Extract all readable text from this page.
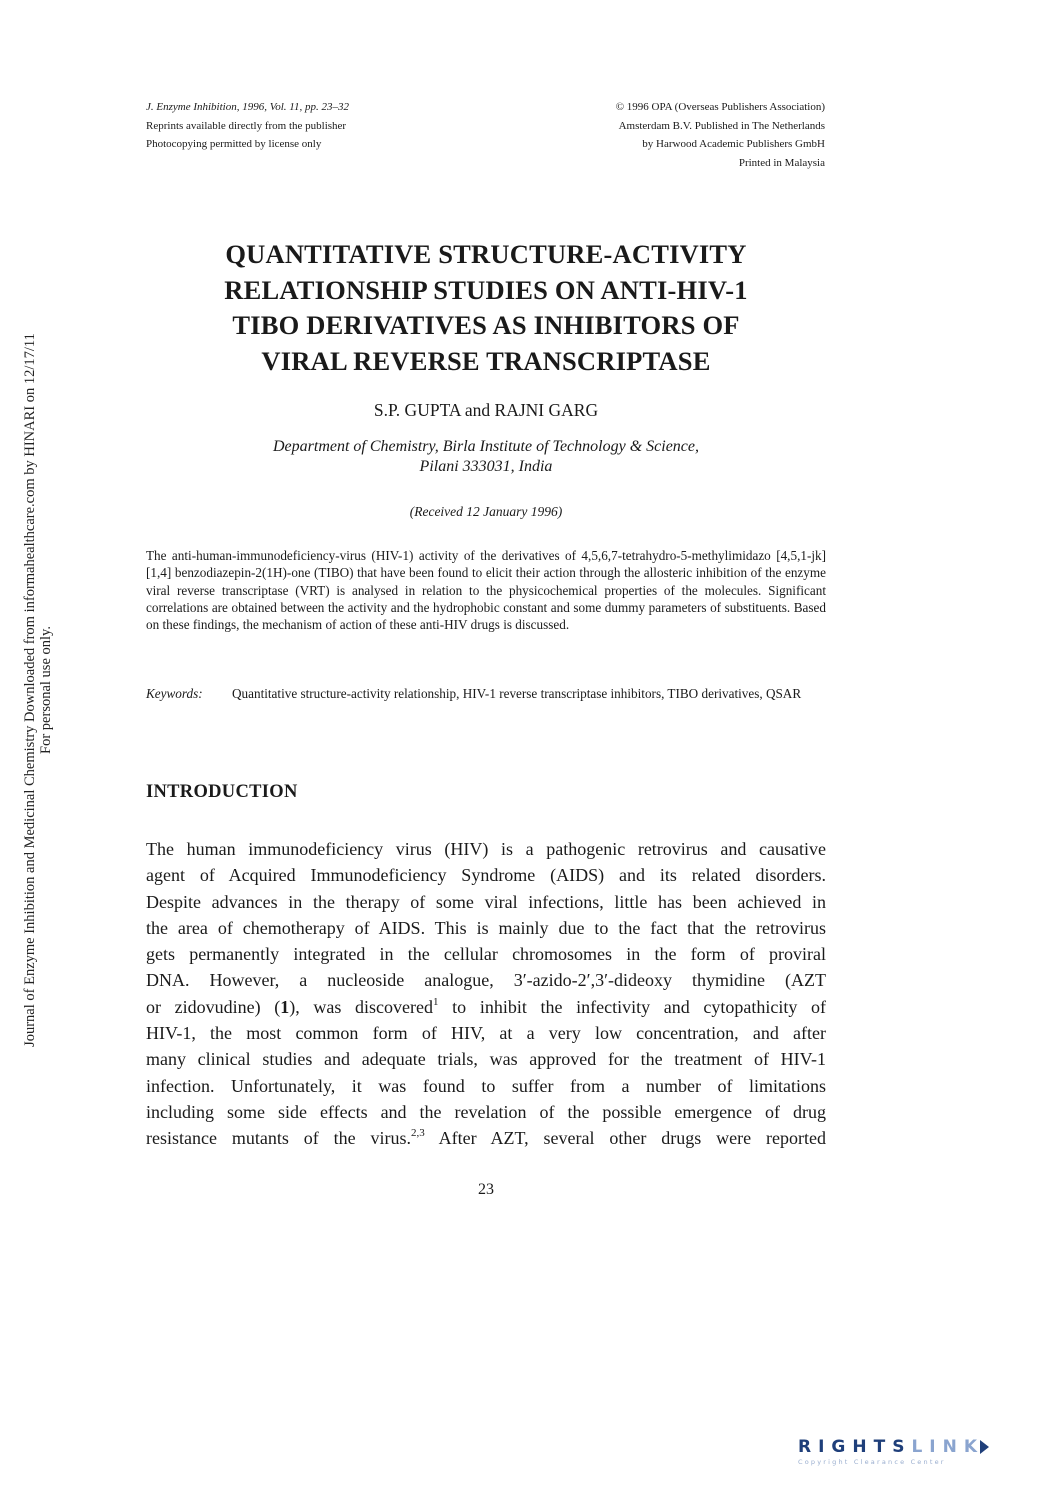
Journal of Enzyme Inhibition and Medicinal Chemistry Downloaded from informahealthcare.com by HINARI on 12/17/11 For personal use only.
J. Enzyme Inhibition, 1996, Vol. 11, pp. 23–32
Reprints available directly from the publisher
Photocopying permitted by license only
© 1996 OPA (Overseas Publishers Association)
Amsterdam B.V. Published in The Netherlands
by Harwood Academic Publishers GmbH
Printed in Malaysia
QUANTITATIVE STRUCTURE-ACTIVITY
RELATIONSHIP STUDIES ON ANTI-HIV-1
TIBO DERIVATIVES AS INHIBITORS OF
VIRAL REVERSE TRANSCRIPTASE
S.P. GUPTA and RAJNI GARG
Department of Chemistry, Birla Institute of Technology & Science,
Pilani 333031, India
(Received 12 January 1996)
The anti-human-immunodeficiency-virus (HIV-1) activity of the derivatives of 4,5,6,7-tetrahydro-5-methylimidazo [4,5,1-jk] [1,4] benzodiazepin-2(1H)-one (TIBO) that have been found to elicit their action through the allosteric inhibition of the enzyme viral reverse transcriptase (VRT) is analysed in relation to the physicochemical properties of the molecules. Significant correlations are obtained between the activity and the hydrophobic constant and some dummy parameters of substituents. Based on these findings, the mechanism of action of these anti-HIV drugs is discussed.
Keywords: Quantitative structure-activity relationship, HIV-1 reverse transcriptase inhibitors, TIBO derivatives, QSAR
INTRODUCTION
The human immunodeficiency virus (HIV) is a pathogenic retrovirus and causative
agent of Acquired Immunodeficiency Syndrome (AIDS) and its related disorders.
Despite advances in the therapy of some viral infections, little has been achieved in
the area of chemotherapy of AIDS. This is mainly due to the fact that the retrovirus
gets permanently integrated in the cellular chromosomes in the form of proviral
DNA. However, a nucleoside analogue, 3′-azido-2′,3′-dideoxy thymidine (AZT
or zidovudine) (1), was discovered$^1$ to inhibit the infectivity and cytopathicity of
HIV-1, the most common form of HIV, at a very low concentration, and after
many clinical studies and adequate trials, was approved for the treatment of HIV-1
infection. Unfortunately, it was found to suffer from a number of limitations
including some side effects and the revelation of the possible emergence of drug
resistance mutants of the virus.$^{2,3}$ After AZT, several other drugs were reported
23
RIGHTSLINK
Copyright Clearance Center
